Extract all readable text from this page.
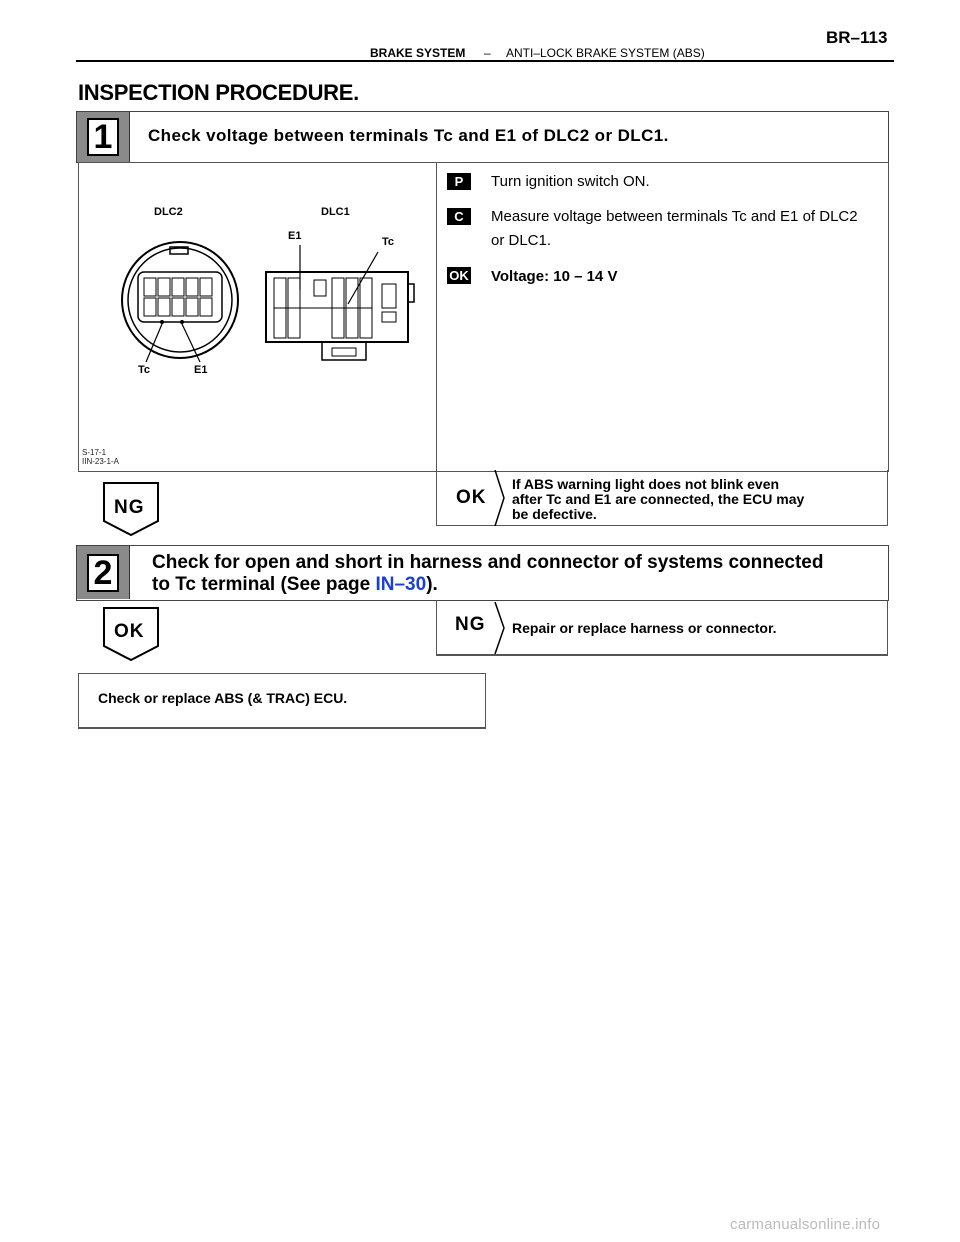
BR–113
BRAKE SYSTEM – ANTI–LOCK BRAKE SYSTEM (ABS)
INSPECTION PROCEDURE.
1	Check voltage between terminals Tc and E1 of DLC2 or DLC1.
DLC2	DLC1
E1	Tc
Tc	E1
S-17-1
IIN-23-1-A
P	Turn ignition switch ON.
C	Measure voltage between terminals Tc and E1 of DLC2
or DLC1.
OK Voltage: 10 – 14 V
NG	OK
If ABS warning light does not blink even
after Tc and E1 are connected, the ECU may
be defective.
2	Check for open and short in harness and connector of systems connected
to Tc terminal (See page IN–30).
OK	NG Repair or replace harness or connector.
Check or replace ABS (& TRAC) ECU.
carmanualsonline.info
